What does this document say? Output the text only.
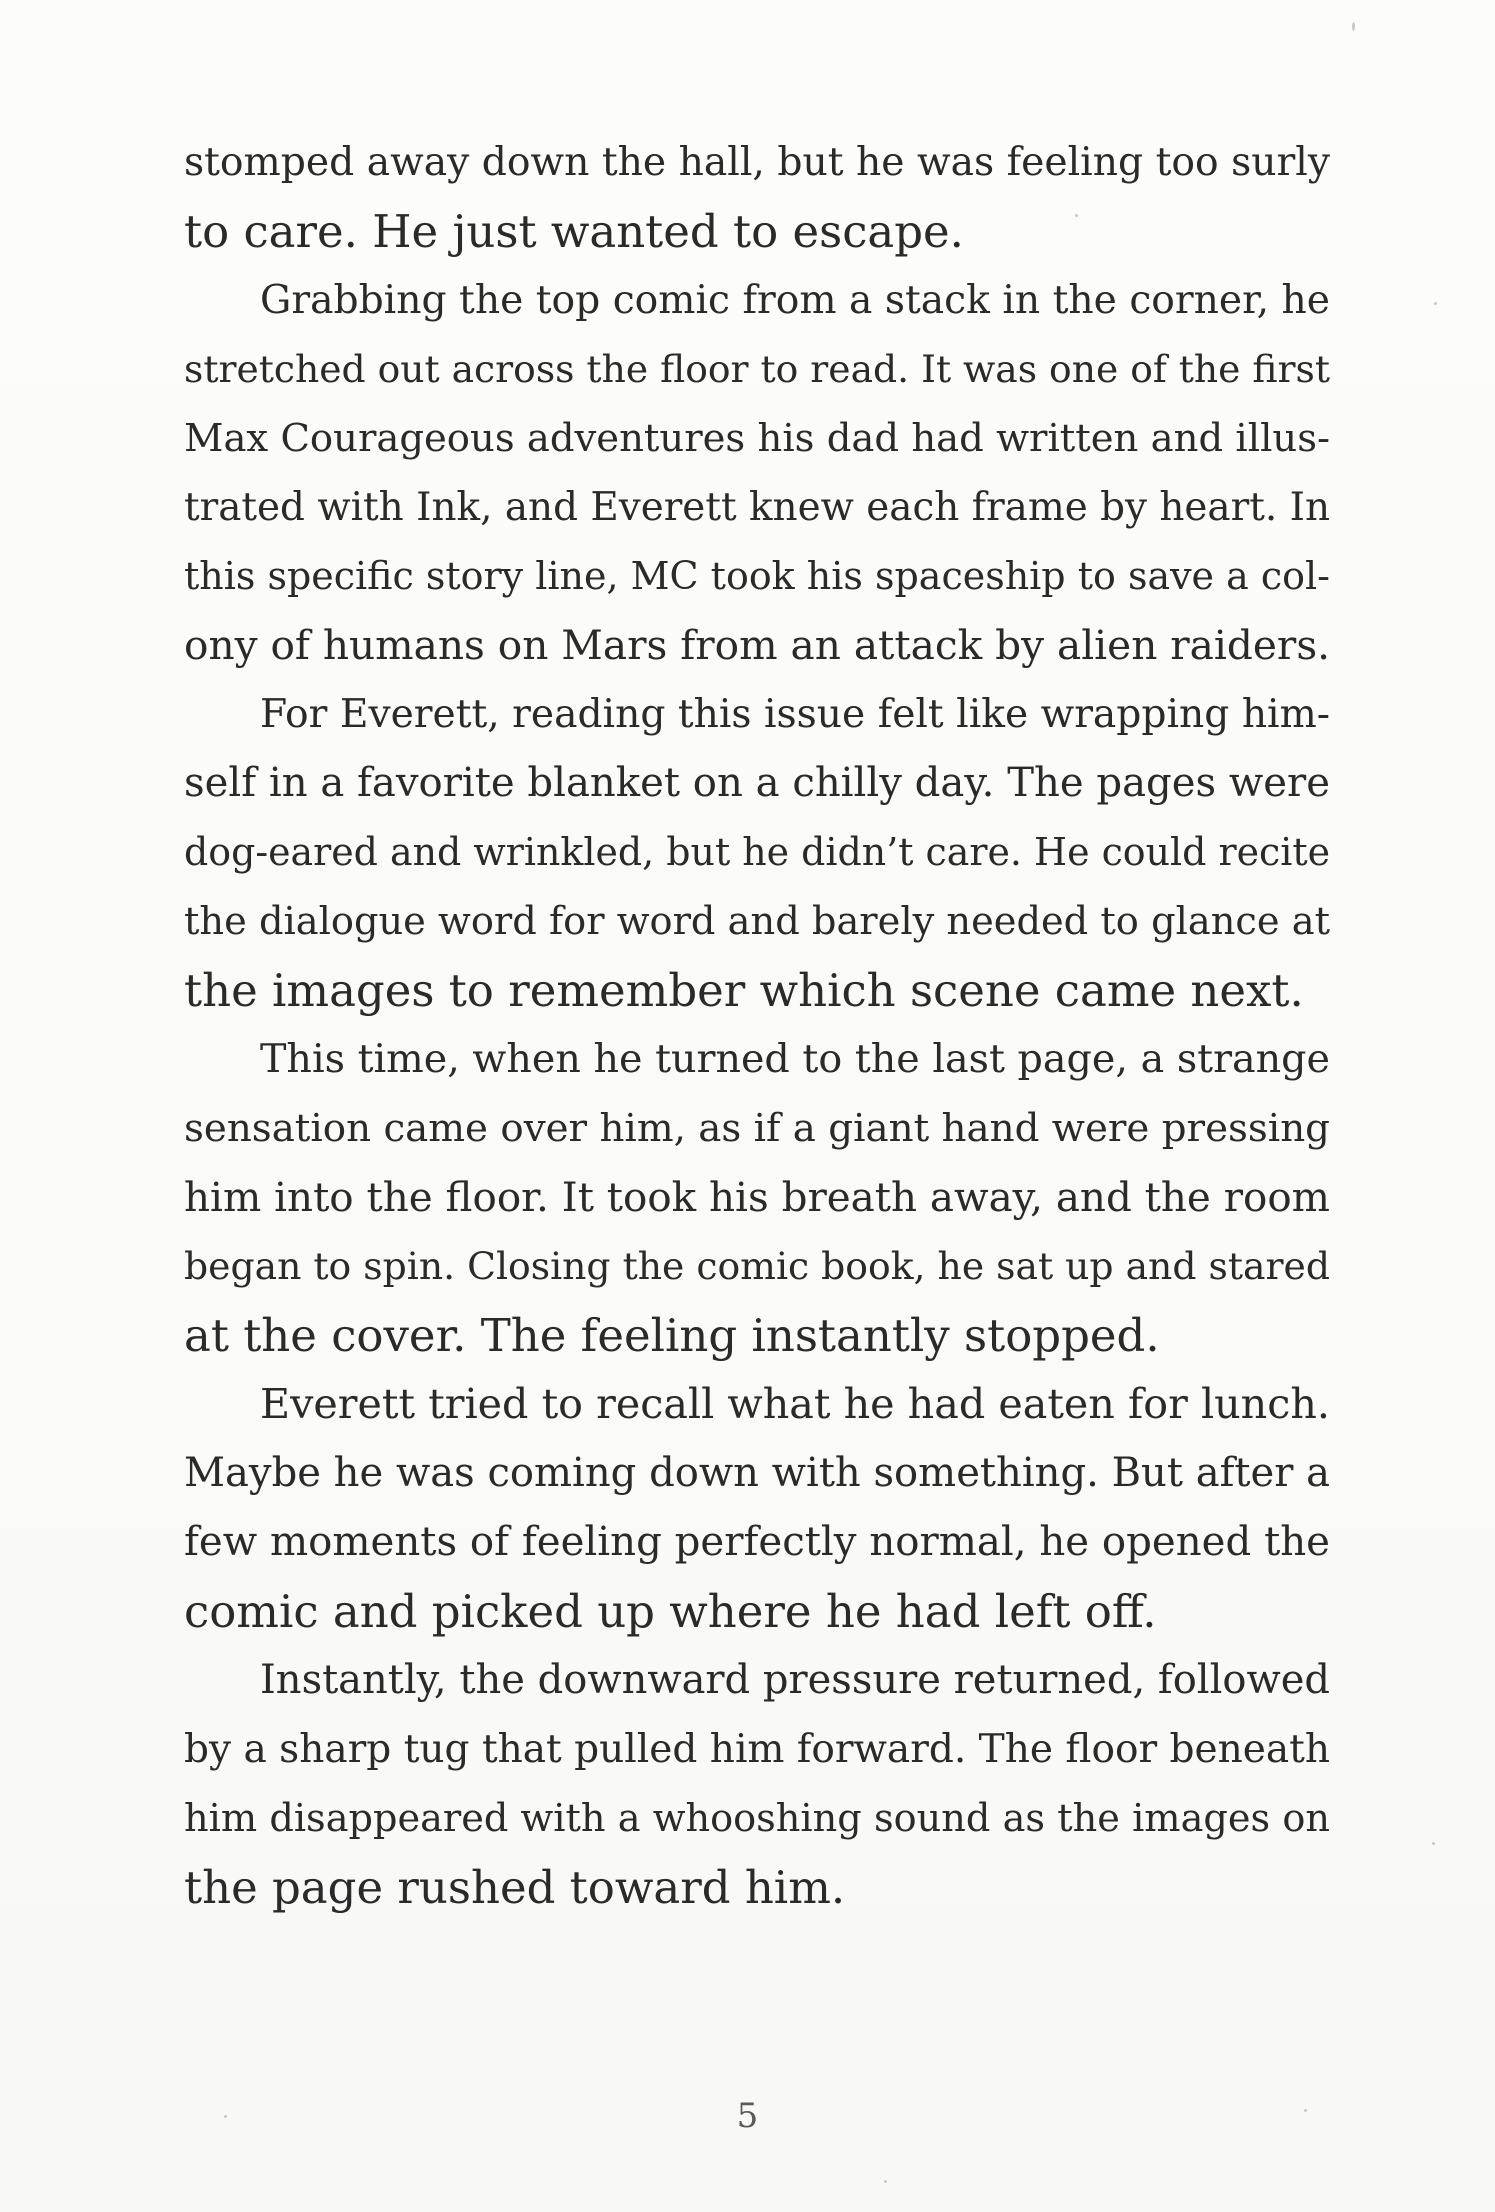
stomped away down the hall, but he was feeling too surly
to care. He just wanted to escape.
Grabbing the top comic from a stack in the corner, he
stretched out across the floor to read. It was one of the first
Max Courageous adventures his dad had written and illus-
trated with Ink, and Everett knew each frame by heart. In
this specific story line, MC took his spaceship to save a col-
ony of humans on Mars from an attack by alien raiders.
For Everett, reading this issue felt like wrapping him-
self in a favorite blanket on a chilly day. The pages were
dog-eared and wrinkled, but he didn’t care. He could recite
the dialogue word for word and barely needed to glance at
the images to remember which scene came next.
This time, when he turned to the last page, a strange
sensation came over him, as if a giant hand were pressing
him into the floor. It took his breath away, and the room
began to spin. Closing the comic book, he sat up and stared
at the cover. The feeling instantly stopped.
Everett tried to recall what he had eaten for lunch.
Maybe he was coming down with something. But after a
few moments of feeling perfectly normal, he opened the
comic and picked up where he had left off.
Instantly, the downward pressure returned, followed
by a sharp tug that pulled him forward. The floor beneath
him disappeared with a whooshing sound as the images on
the page rushed toward him.
5
